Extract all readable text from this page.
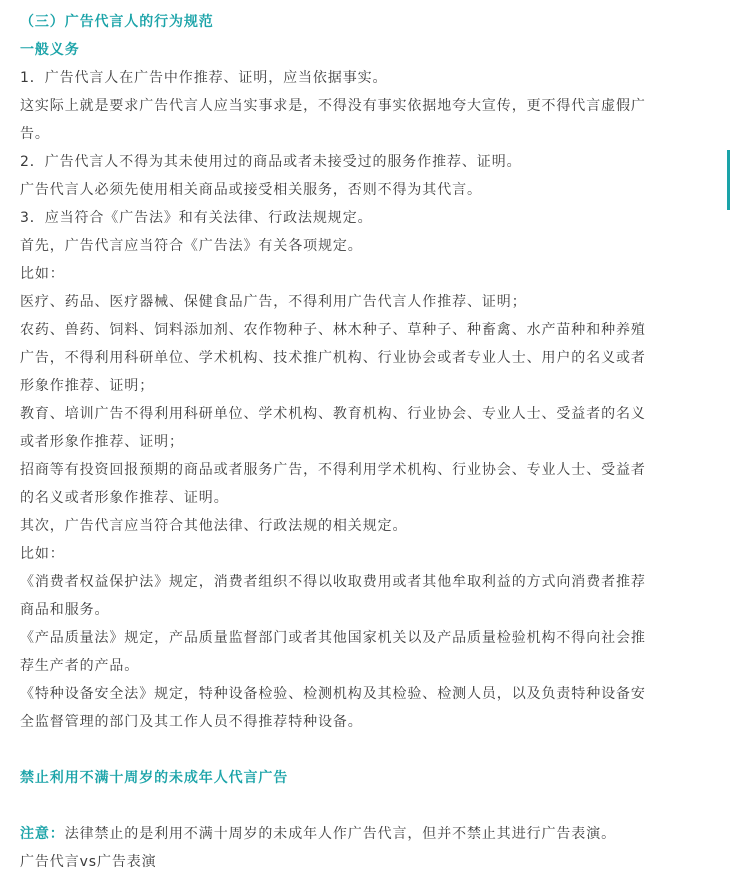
（三）广告代言人的行为规范

一般义务

1．广告代言人在广告中作推荐、证明，应当依据事实。

这实际上就是要求广告代言人应当实事求是，不得没有事实依据地夸大宣传，更不得代言虚假广

告。

2．广告代言人不得为其未使用过的商品或者未接受过的服务作推荐、证明。

广告代言人必须先使用相关商品或接受相关服务，否则不得为其代言。

3．应当符合《广告法》和有关法律、行政法规规定。

首先，广告代言应当符合《广告法》有关各项规定。

比如：

医疗、药品、医疗器械、保健食品广告，不得利用广告代言人作推荐、证明；

农药、兽药、饲料、饲料添加剂、农作物种子、林木种子、草种子、种畜禽、水产苗种和种养殖

广告，不得利用科研单位、学术机构、技术推广机构、行业协会或者专业人士、用户的名义或者

形象作推荐、证明；

教育、培训广告不得利用科研单位、学术机构、教育机构、行业协会、专业人士、受益者的名义

或者形象作推荐、证明；

招商等有投资回报预期的商品或者服务广告，不得利用学术机构、行业协会、专业人士、受益者

的名义或者形象作推荐、证明。

其次，广告代言应当符合其他法律、行政法规的相关规定。

比如：

《消费者权益保护法》规定，消费者组织不得以收取费用或者其他牟取利益的方式向消费者推荐

商品和服务。

《产品质量法》规定，产品质量监督部门或者其他国家机关以及产品质量检验机构不得向社会推

荐生产者的产品。

《特种设备安全法》规定，特种设备检验、检测机构及其检验、检测人员，以及负责特种设备安

全监督管理的部门及其工作人员不得推荐特种设备。

禁止利用不满十周岁的未成年人代言广告

注意：法律禁止的是利用不满十周岁的未成年人作广告代言，但并不禁止其进行广告表演。

广告代言vs广告表演
